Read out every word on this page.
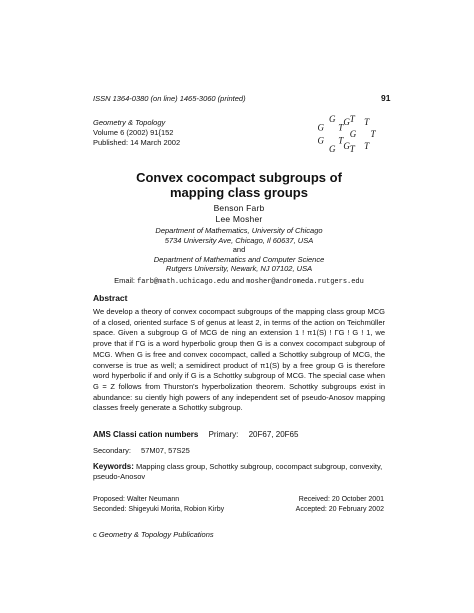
ISSN 1364-0380 (on line) 1465-3060 (printed)	91
Geometry & Topology
Volume 6 (2002) 91{152
Published: 14 March 2002
G
G
G
G
G
G G
T
T
T
T
T
T T
Convex cocompact subgroups of
mapping class groups
Benson Farb
Lee Mosher
Department of Mathematics, University of Chicago
5734 University Ave, Chicago, Il 60637, USA
and
Department of Mathematics and Computer Science
Rutgers University, Newark, NJ 07102, USA
Email: farb@math.uchicago.edu and mosher@andromeda.rutgers.edu
Abstract

We develop a theory of convex cocompact subgroups of the mapping class group MCG of a closed, oriented surface S of genus at least 2, in terms of the action on Teichmüller space. Given a subgroup G of MCG de ning an extension 1 ! π1(S) ! ΓG ! G ! 1, we prove that if ΓG is a word hyperbolic group then G is a convex cocompact subgroup of MCG. When G is free and convex cocompact, called a Schottky subgroup of MCG, the converse is true as well; a semidirect product of π1(S) by a free group G is therefore word hyperbolic if and only if G is a Schottky subgroup of MCG. The special case when G = Z follows from Thurston's hyperbolization theorem. Schottky subgroups exist in abundance: su ciently high powers of any independent set of pseudo-Anosov mapping classes freely generate a Schottky subgroup.

AMS Classi cation numbers Primary: 20F67, 20F65
Secondary: 57M07, 57S25
Keywords: Mapping class group, Schottky subgroup, cocompact subgroup, convexity, pseudo-Anosov
Proposed: Walter Neumann
Seconded: Shigeyuki Morita, Robion Kirby
Received: 20 October 2001
Accepted: 20 February 2002
c Geometry & Topology Publications
